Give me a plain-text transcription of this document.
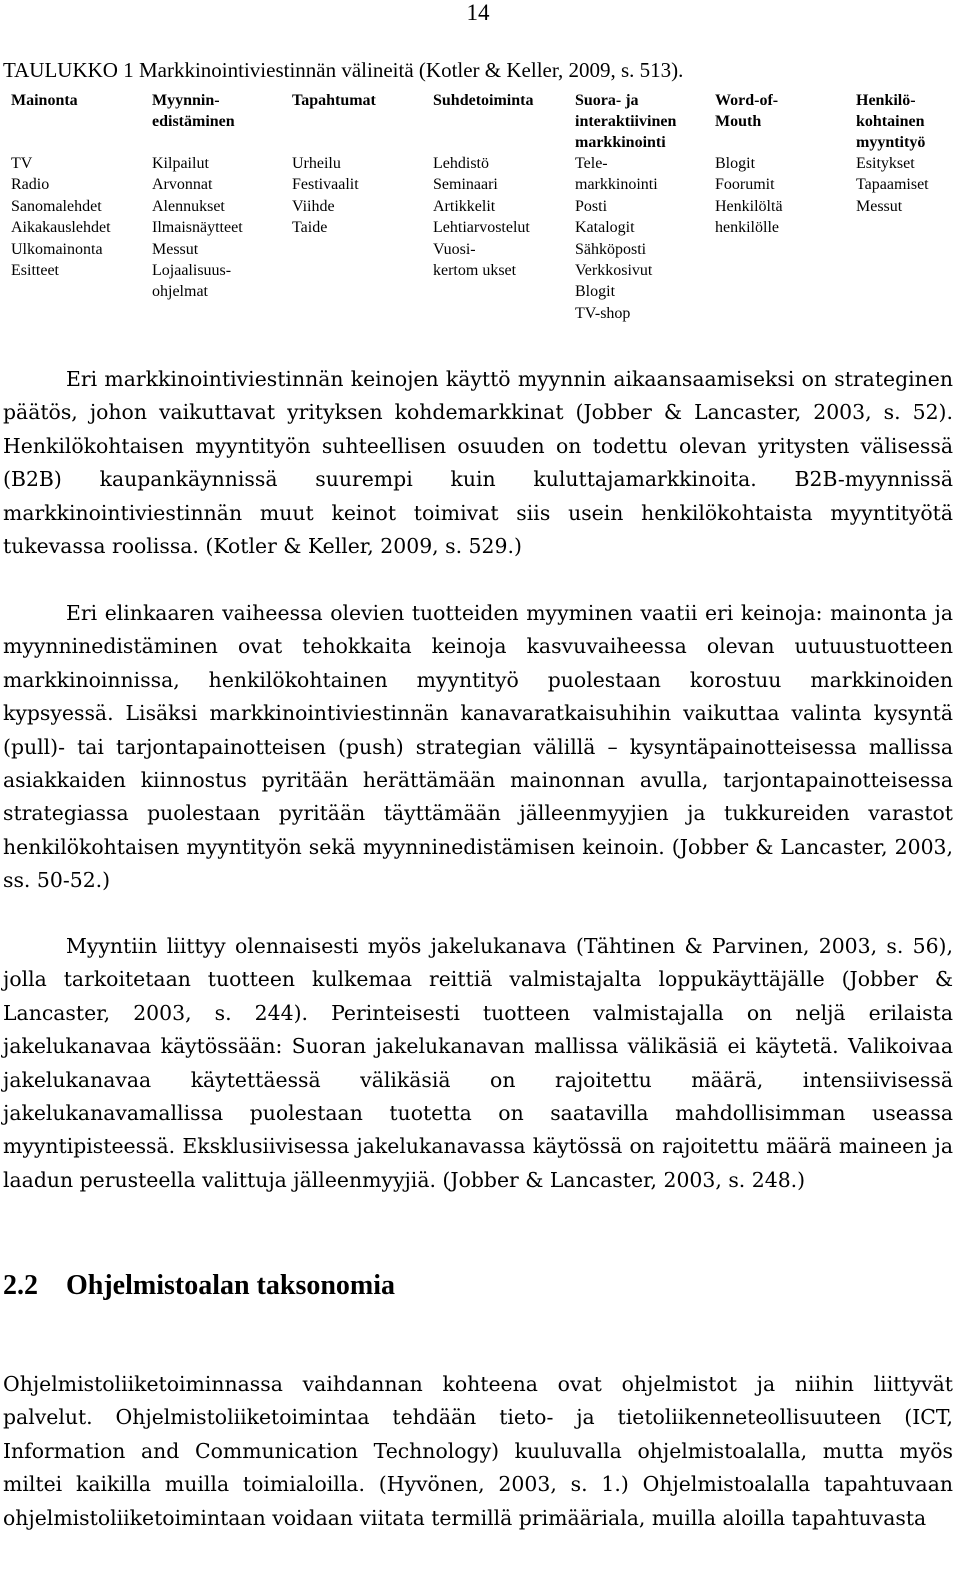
14
TAULUKKO 1 Markkinointiviestinnän välineitä (Kotler & Keller, 2009, s. 513).
Mainonta
TV
Radio
Sanomalehdet
Aikakauslehdet
Ulkomainonta
Esitteet
Myynnin-
edistäminen
Kilpailut
Arvonnat
Alennukset
Ilmaisnäytteet
Messut
Lojaalisuus-
ohjelmat
Tapahtumat
Urheilu
Festivaalit
Viihde
Taide
Suhdetoiminta
Lehdistö
Seminaari
Artikkelit
Lehtiarvostelut
Vuosi-
kertom ukset
Suora- ja
interaktiivinen
markkinointi
Tele-
markkinointi
Posti
Katalogit
Sähköposti
Verkkosivut
Blogit
TV-shop
Word-of-
Mouth
Blogit
Foorumit
Henkilöltä
henkilölle
Henkilö-
kohtainen
myyntityö
Esitykset
Tapaamiset
Messut

Eri markkinointiviestinnän keinojen käyttö myynnin aikaansaamiseksi on strateginen päätös, johon vaikuttavat yrityksen kohdemarkkinat (Jobber & Lancaster, 2003, s. 52). Henkilökohtaisen myyntityön suhteellisen osuuden on todettu olevan yritysten välisessä (B2B) kaupankäynnissä suurempi kuin kuluttajamarkkinoita. B2B-myynnissä markkinointiviestinnän muut keinot toimivat siis usein henkilökohtaista myyntityötä tukevassa roolissa. (Kotler & Keller, 2009, s. 529.)

Eri elinkaaren vaiheessa olevien tuotteiden myyminen vaatii eri keinoja: mainonta ja myynninedistäminen ovat tehokkaita keinoja kasvuvaiheessa olevan uutuustuotteen markkinoinnissa, henkilökohtainen myyntityö puolestaan korostuu markkinoiden kypsyessä. Lisäksi markkinointiviestinnän kanavaratkaisuhihin vaikuttaa valinta kysyntä (pull)- tai tarjontapainotteisen (push) strategian välillä – kysyntäpainotteisessa mallissa asiakkaiden kiinnostus pyritään herättämään mainonnan avulla, tarjontapainotteisessa strategiassa puolestaan pyritään täyttämään jälleenmyyjien ja tukkureiden varastot henkilökohtaisen myyntityön sekä myynninedistämisen keinoin. (Jobber & Lancaster, 2003, ss. 50-52.)

Myyntiin liittyy olennaisesti myös jakelukanava (Tähtinen & Parvinen, 2003, s. 56), jolla tarkoitetaan tuotteen kulkemaa reittiä valmistajalta loppukäyttäjälle (Jobber & Lancaster, 2003, s. 244). Perinteisesti tuotteen valmistajalla on neljä erilaista jakelukanavaa käytössään: Suoran jakelukanavan mallissa välikäsiä ei käytetä. Valikoivaa jakelukanavaa käytettäessä välikäsiä on rajoitettu määrä, intensiivisessä jakelukanavamallissa puolestaan tuotetta on saatavilla mahdollisimman useassa myyntipisteessä. Eksklusiivisessa jakelukanavassa käytössä on rajoitettu määrä maineen ja laadun perusteella valittuja jälleenmyyjiä. (Jobber & Lancaster, 2003, s. 248.)

2.2 Ohjelmistoalan taksonomia

Ohjelmistoliiketoiminnassa vaihdannan kohteena ovat ohjelmistot ja niihin liittyvät palvelut. Ohjelmistoliiketoimintaa tehdään tieto- ja tietoliikenneteollisuuteen (ICT, Information and Communication Technology) kuuluvalla ohjelmistoalalla, mutta myös miltei kaikilla muilla toimialoilla. (Hyvönen, 2003, s. 1.) Ohjelmistoalalla tapahtuvaan ohjelmistoliiketoimintaan voidaan viitata termillä primääriala, muilla aloilla tapahtuvasta
